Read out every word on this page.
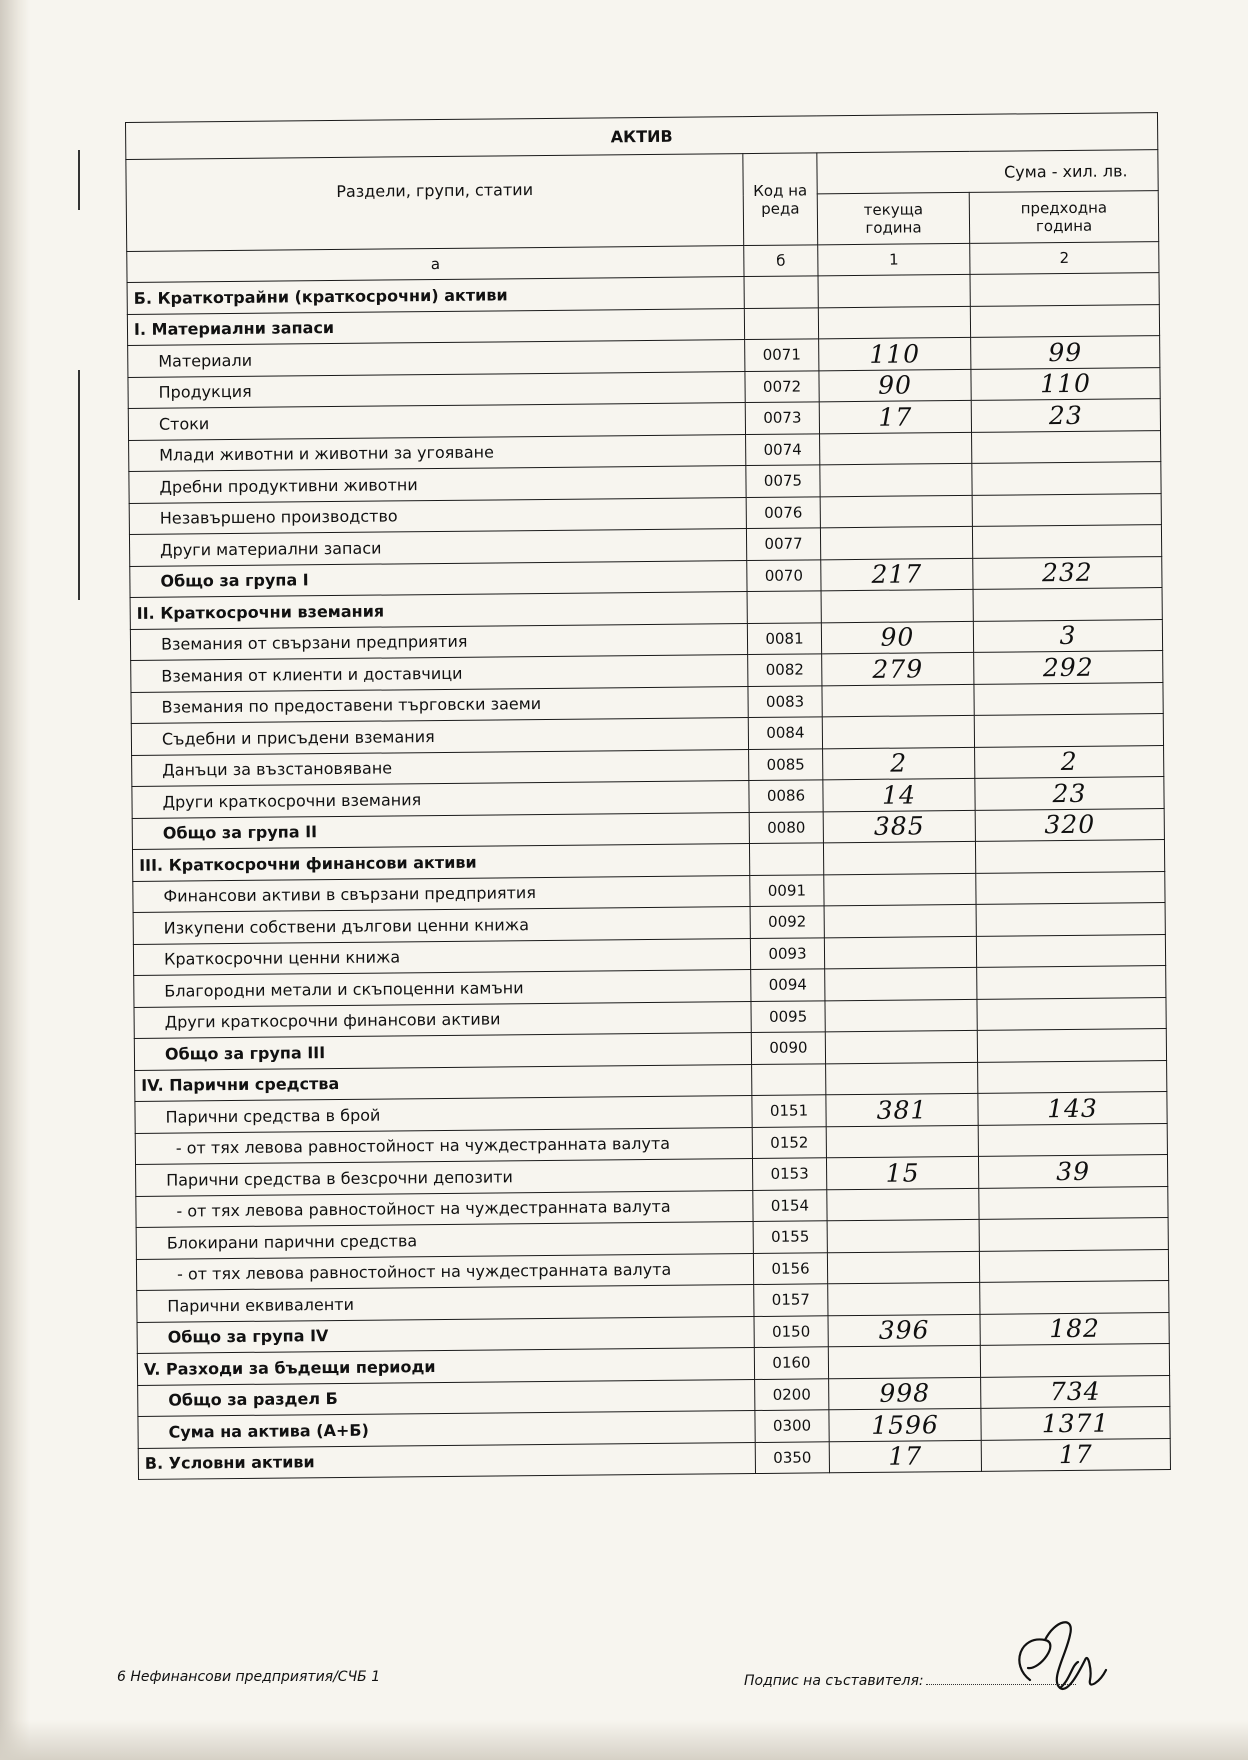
АКТИВ			
Раздели, групи, статии	Код на реда	Сума - хил. лв.	
		текуща година	предходна година
а	б	1	2
Б. Краткотрайни (краткосрочни) активи			
I. Материални запаси			
Материали	0071	110	99
Продукция	0072	90	110
Стоки	0073	17	23
Млади животни и животни за угояване	0074		
Дребни продуктивни животни	0075		
Незавършено производство	0076		
Други материални запаси	0077		
Общо за група I	0070	217	232
II. Краткосрочни вземания			
Вземания от свързани предприятия	0081	90	3
Вземания от клиенти и доставчици	0082	279	292
Вземания по предоставени търговски заеми	0083		
Съдебни и присъдени вземания	0084		
Данъци за възстановяване	0085	2	2
Други краткосрочни вземания	0086	14	23
Общо за група II	0080	385	320
III. Краткосрочни финансови активи			
Финансови активи в свързани предприятия	0091		
Изкупени собствени дългови ценни книжа	0092		
Краткосрочни ценни книжа	0093		
Благородни метали и скъпоценни камъни	0094		
Други краткосрочни финансови активи	0095		
Общо за група III	0090		
IV. Парични средства			
Парични средства в брой	0151	381	143
- от тях левова равностойност на чуждестранната валута	0152		
Парични средства в безсрочни депозити	0153	15	39
- от тях левова равностойност на чуждестранната валута	0154		
Блокирани парични средства	0155		
- от тях левова равностойност на чуждестранната валута	0156		
Парични еквиваленти	0157		
Общо за група IV	0150	396	182
V. Разходи за бъдещи периоди	0160		
Общо за раздел Б	0200	998	734
Сума на актива (А+Б)	0300	1596	1371
В. Условни активи	0350	17	17
6 Нефинансови предприятия/СЧБ 1	Подпис на съставителя:
